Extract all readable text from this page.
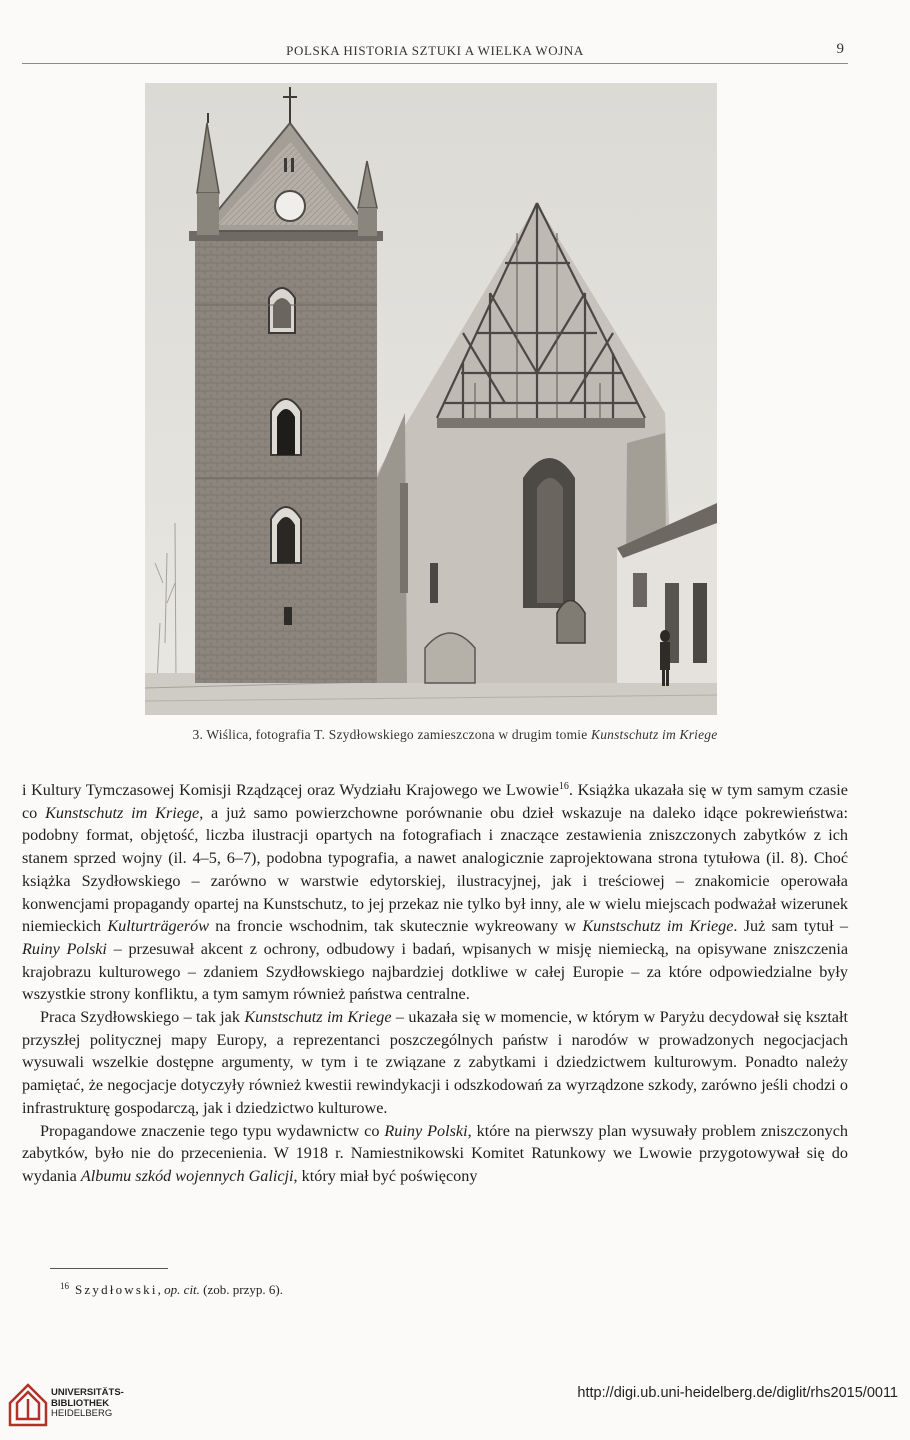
POLSKA HISTORIA SZTUKI A WIELKA WOJNA	9
3. Wiślica, fotografia T. Szydłowskiego zamieszczona w drugim tomie Kunstschutz im Kriege

i Kultury Tymczasowej Komisji Rządzącej oraz Wydziału Krajowego we Lwowie$^{16}$. Książka ukazała się w tym samym czasie co Kunstschutz im Kriege, a już samo powierzchowne porównanie obu dzieł wskazuje na daleko idące pokrewieństwa: podobny format, objętość, liczba ilustracji opartych na fotografiach i znaczące zestawienia zniszczonych zabytków z ich stanem sprzed wojny (il. 4–5, 6–7), podobna typografia, a nawet analogicznie zaprojektowana strona tytułowa (il. 8). Choć książka Szydłowskiego – zarówno w warstwie edytorskiej, ilustracyjnej, jak i treściowej – znakomicie operowała konwencjami propagandy opartej na Kunstschutz, to jej przekaz nie tylko był inny, ale w wielu miejscach podważał wizerunek niemieckich Kulturträgerów na froncie wschodnim, tak skutecznie wykreowany w Kunstschutz im Kriege. Już sam tytuł – Ruiny Polski – przesuwał akcent z ochrony, odbudowy i badań, wpisanych w misję niemiecką, na opisywane zniszczenia krajobrazu kulturowego – zdaniem Szydłowskiego najbardziej dotkliwe w całej Europie – za które odpowiedzialne były wszystkie strony konfliktu, a tym samym również państwa centralne.

Praca Szydłowskiego – tak jak Kunstschutz im Kriege – ukazała się w momencie, w którym w Paryżu decydował się kształt przyszłej politycznej mapy Europy, a reprezentanci poszczególnych państw i narodów w prowadzonych negocjacjach wysuwali wszelkie dostępne argumenty, w tym i te związane z zabytkami i dziedzictwem kulturowym. Ponadto należy pamiętać, że negocjacje dotyczyły również kwestii rewindykacji i odszkodowań za wyrządzone szkody, zarówno jeśli chodzi o infrastrukturę gospodarczą, jak i dziedzictwo kulturowe.

Propagandowe znaczenie tego typu wydawnictw co Ruiny Polski, które na pierwszy plan wysuwały problem zniszczonych zabytków, było nie do przecenienia. W 1918 r. Namiestnikowski Komitet Ratunkowy we Lwowie przygotowywał się do wydania Albumu szkód wojennych Galicji, który miał być poświęcony

$^{16}$ Szydłowski, op. cit. (zob. przyp. 6).
UNIVERSITÄTS-
BIBLIOTHEK
HEIDELBERG
http://digi.ub.uni-heidelberg.de/diglit/rhs2015/0011
